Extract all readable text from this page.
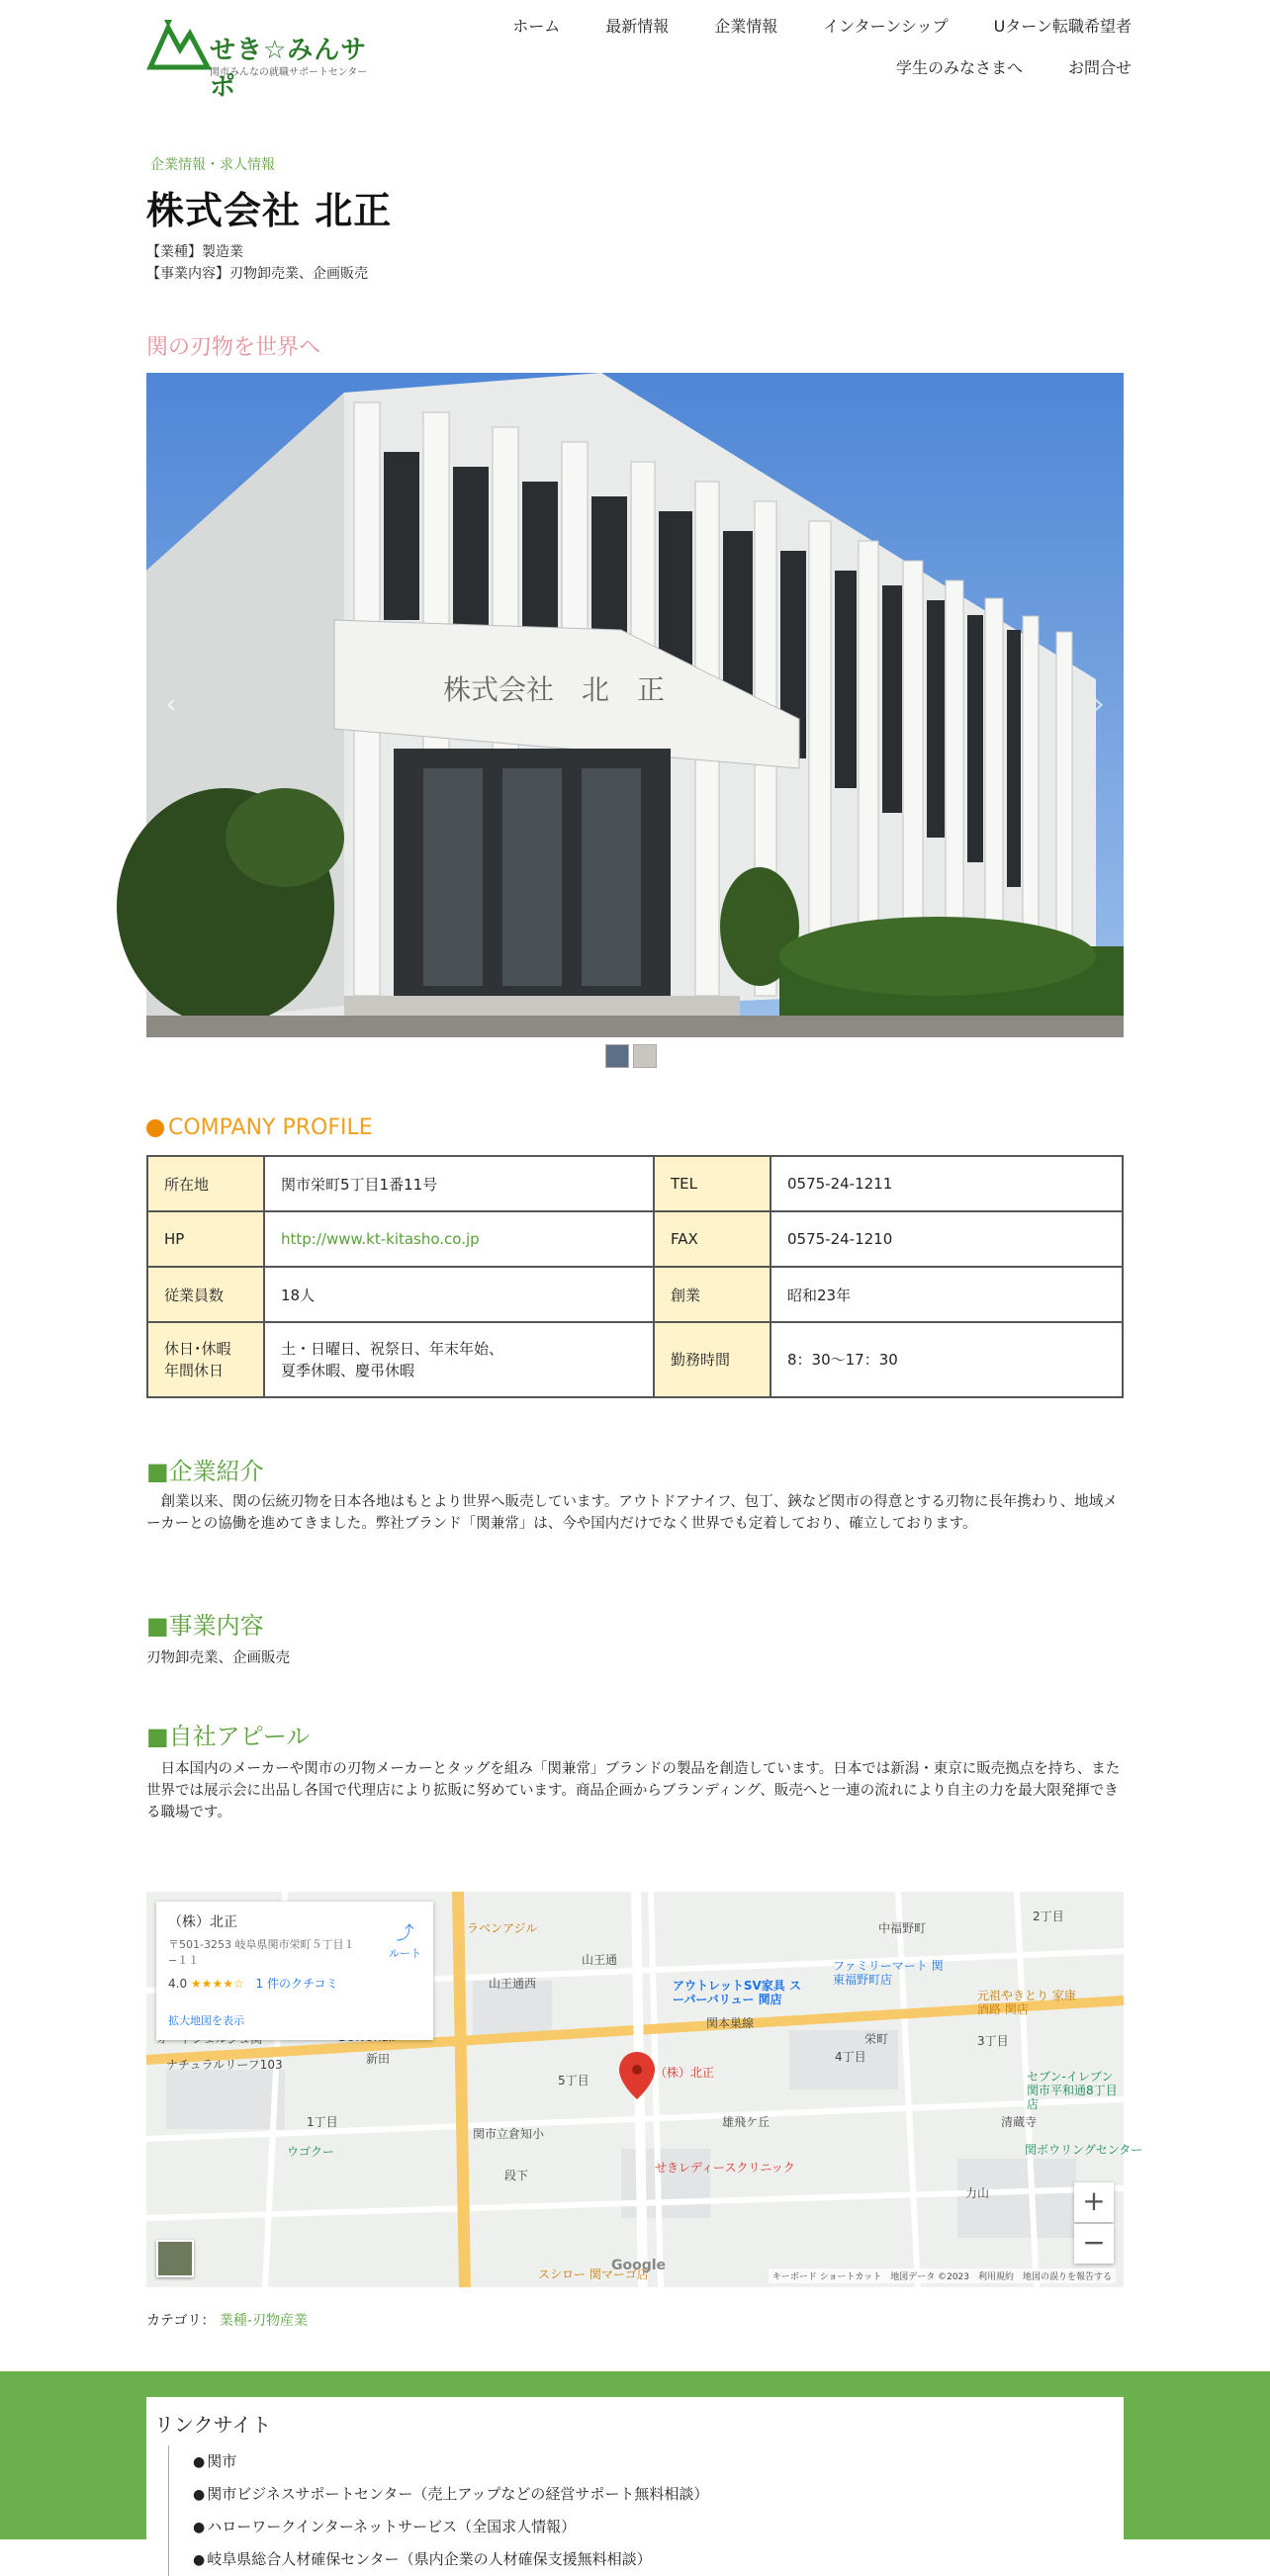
せき☆みんサポ
関市みんなの就職サポートセンター
ホーム	最新情報	企業情報	インターンシップ	Uターン転職希望者
学生のみなさまへ	お問合せ
企業情報・求人情報
株式会社 北正
【業種】製造業
【事業内容】刃物卸売業、企画販売
関の刃物を世界へ
株式会社　北　正
‹	›
COMPANY PROFILE
所在地	関市栄町5丁目1番11号	TEL	0575-24-1211
HP	http://www.kt-kitasho.co.jp	FAX	0575-24-1210
従業員数	18人	創業	昭和23年
休日･休暇
年間休日	土・日曜日、祝祭日、年末年始、
夏季休暇、慶弔休暇	勤務時間	8：30〜17：30
■企業紹介
　創業以来、関の伝統刃物を日本各地はもとより世界へ販売しています。アウトドアナイフ、包丁、鋏など関市の得意とする刃物に長年携わり、地域メーカーとの協働を進めてきました。弊社ブランド「関兼常」は、今や国内だけでなく世界でも定着しており、確立しております。
■事業内容
刃物卸売業、企画販売
■自社アピール
　日本国内のメーカーや関市の刃物メーカーとタッグを組み「関兼常」ブランドの製品を創造しています。日本では新潟・東京に販売拠点を持ち、また世界では展示会に出品し各国で代理店により拡販に努めています。商品企画からブランディング、販売へと一連の流れにより自主の力を最大限発揮できる職場です。
山王通
山王通西
中福野町
関本巣線
栄町
4丁目
3丁目
5丁目
新田
1丁目	雄飛ケ丘	清蔵寺
段下
力山
ウゴクー
ナチュラルリーフ103
ラベンアジル
アウトレットSV家具 スーパーバリュー 関店
ファミリーマート 関東福野町店
元祖やきとり 家康酒路 関店
セブン-イレブン 関市平和通8丁目店
関ボウリングセンター
せきレディースクリニック
関市立倉知小
スシロー 関マーゴ店
2丁目
（株）北正
（株）北正
〒501-3253 岐阜県関市栄町５丁目１−１１
4.0 ★★★★☆ 1 件のクチコミ
拡大地図を表示
⤴
ルート
+
−
Google
キーボード ショートカット　地図データ ©2023　利用規約　地図の誤りを報告する
カテゴリ： 業種-刃物産業
リンクサイト
● 関市
● 関市ビジネスサポートセンター（売上アップなどの経営サポート無料相談）
● ハローワークインターネットサービス（全国求人情報）
● 岐阜県総合人材確保センター（県内企業の人材確保支援無料相談）
